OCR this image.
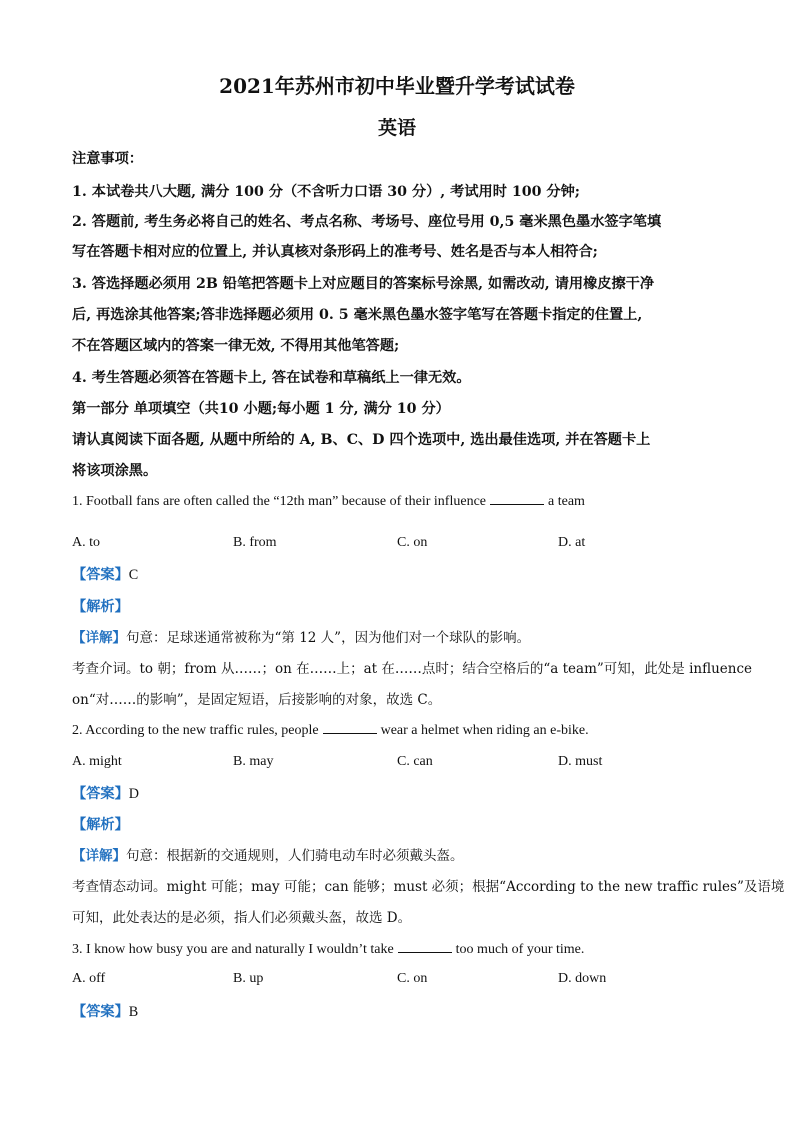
2021年苏州市初中毕业暨升学考试试卷
英语
注意事项：
1. 本试卷共八大题, 满分 100 分（不含听力口语 30 分）, 考试用时 100 分钟;
2. 答题前, 考生务必将自己的姓名、考点名称、考场号、座位号用 0,5 毫米黑色墨水签字笔填
写在答题卡相对应的位置上, 并认真核对条形码上的准考号、姓名是否与本人相符合;
3. 答选择题必须用 2B 铅笔把答题卡上对应题目的答案标号涂黑, 如需改动, 请用橡皮擦干净
后, 再选涂其他答案;答非选择题必须用 0. 5 毫米黑色墨水签字笔写在答题卡指定的住置上,
不在答题区域内的答案一律无效, 不得用其他笔答题;
4. 考生答题必须答在答题卡上, 答在试卷和草稿纸上一律无效。
第一部分 单项填空（共10 小题;每小题 1 分, 满分 10 分）
请认真阅读下面各题, 从题中所给的 A, B、C、D 四个选项中, 选出最佳选项, 并在答题卡上
将该项涂黑。
1. Football fans are often called the “12th man” because of their influence	a team
A. to	B. from	C. on	D. at
【答案】C
【解析】
【详解】句意：足球迷通常被称为“第 12 人”，因为他们对一个球队的影响。
考查介词。to 朝；from 从……；on 在……上；at 在……点时；结合空格后的“a team”可知，此处是 influence
on“对……的影响”，是固定短语，后接影响的对象，故选 C。
2. According to the new traffic rules, people	wear a helmet when riding an e-bike.
A. might	B. may	C. can	D. must
【答案】D
【解析】
【详解】句意：根据新的交通规则，人们骑电动车时必须戴头盔。
考查情态动词。might 可能；may 可能；can 能够；must 必须；根据“According to the new traffic rules”及语境
可知，此处表达的是必须，指人们必须戴头盔，故选 D。
3. I know how busy you are and naturally I wouldn’t take	too much of your time.
A. off	B. up	C. on	D. down
【答案】B
